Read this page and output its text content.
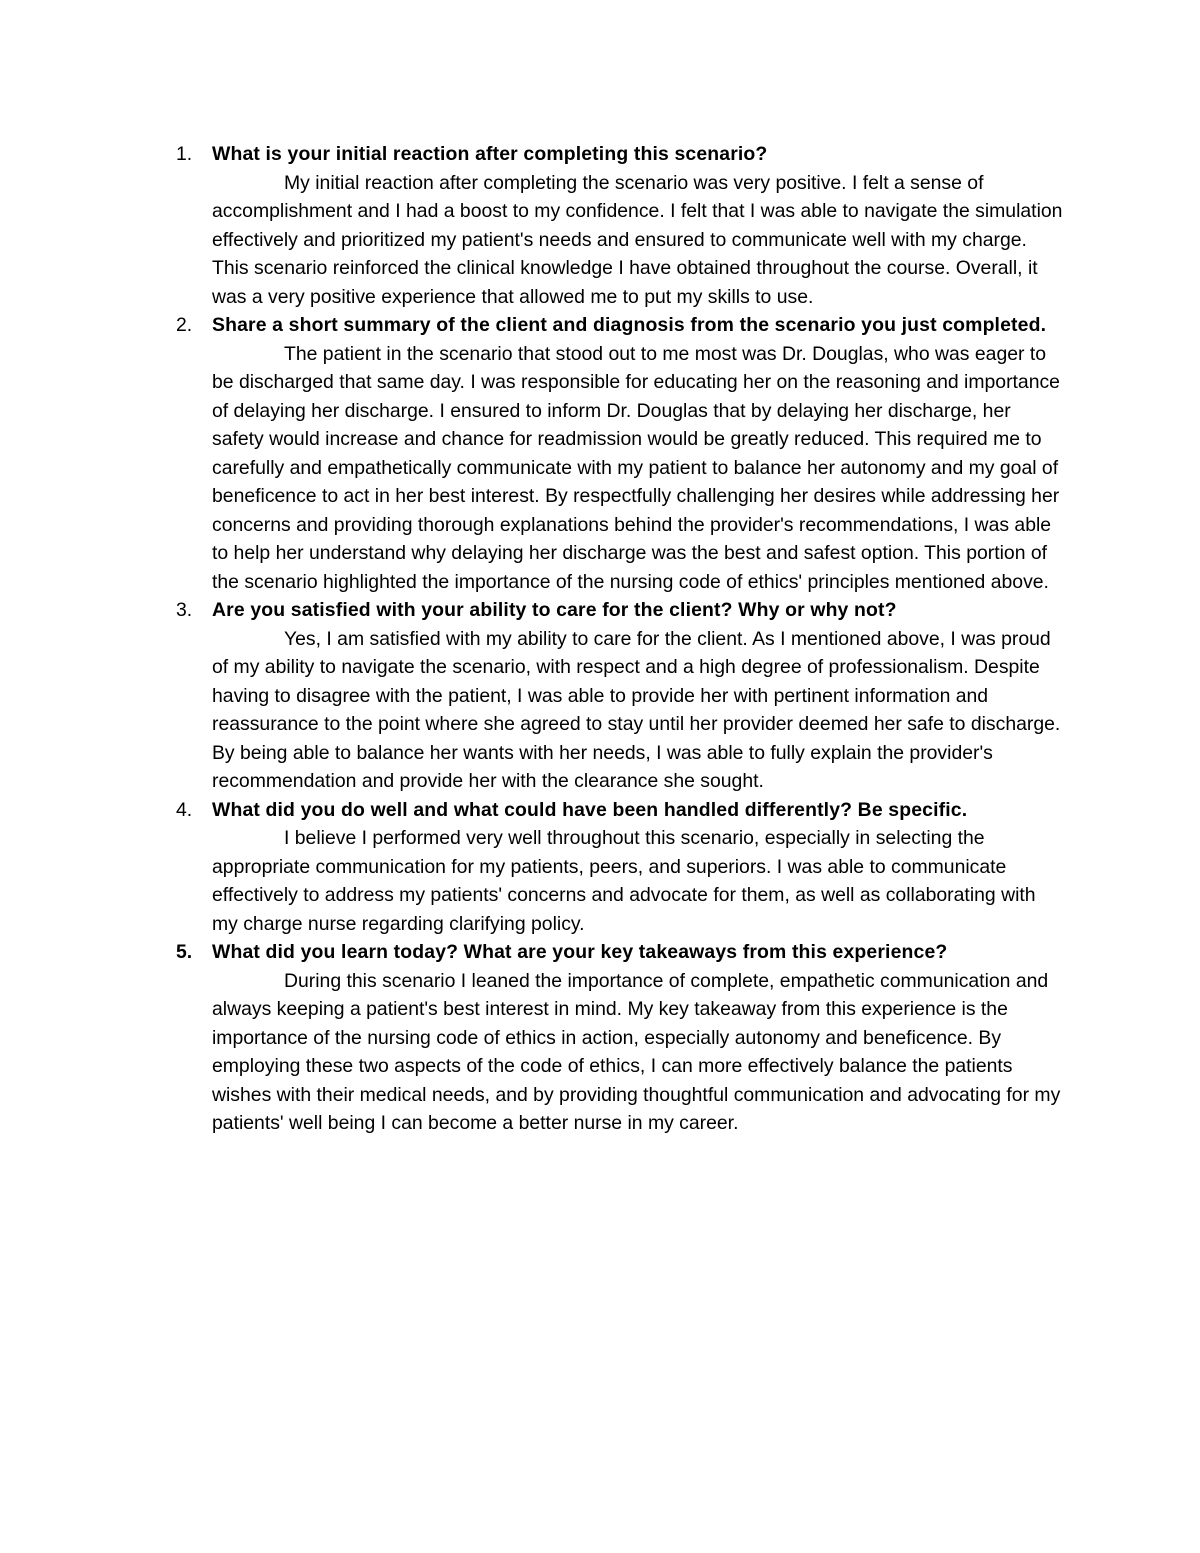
1. What is your initial reaction after completing this scenario?

My initial reaction after completing the scenario was very positive. I felt a sense of accomplishment and I had a boost to my confidence. I felt that I was able to navigate the simulation effectively and prioritized my patient's needs and ensured to communicate well with my charge. This scenario reinforced the clinical knowledge I have obtained throughout the course. Overall, it was a very positive experience that allowed me to put my skills to use.

2. Share a short summary of the client and diagnosis from the scenario you just completed.

The patient in the scenario that stood out to me most was Dr. Douglas, who was eager to be discharged that same day. I was responsible for educating her on the reasoning and importance of delaying her discharge. I ensured to inform Dr. Douglas that by delaying her discharge, her safety would increase and chance for readmission would be greatly reduced. This required me to carefully and empathetically communicate with my patient to balance her autonomy and my goal of beneficence to act in her best interest. By respectfully challenging her desires while addressing her concerns and providing thorough explanations behind the provider's recommendations, I was able to help her understand why delaying her discharge was the best and safest option. This portion of the scenario highlighted the importance of the nursing code of ethics' principles mentioned above.

3. Are you satisfied with your ability to care for the client? Why or why not?

Yes, I am satisfied with my ability to care for the client. As I mentioned above, I was proud of my ability to navigate the scenario, with respect and a high degree of professionalism. Despite having to disagree with the patient, I was able to provide her with pertinent information and reassurance to the point where she agreed to stay until her provider deemed her safe to discharge. By being able to balance her wants with her needs, I was able to fully explain the provider's recommendation and provide her with the clearance she sought.

4. What did you do well and what could have been handled differently? Be specific.

I believe I performed very well throughout this scenario, especially in selecting the appropriate communication for my patients, peers, and superiors. I was able to communicate effectively to address my patients' concerns and advocate for them, as well as collaborating with my charge nurse regarding clarifying policy.

5. What did you learn today? What are your key takeaways from this experience?

During this scenario I leaned the importance of complete, empathetic communication and always keeping a patient's best interest in mind. My key takeaway from this experience is the importance of the nursing code of ethics in action, especially autonomy and beneficence. By employing these two aspects of the code of ethics, I can more effectively balance the patients wishes with their medical needs, and by providing thoughtful communication and advocating for my patients' well being I can become a better nurse in my career.
